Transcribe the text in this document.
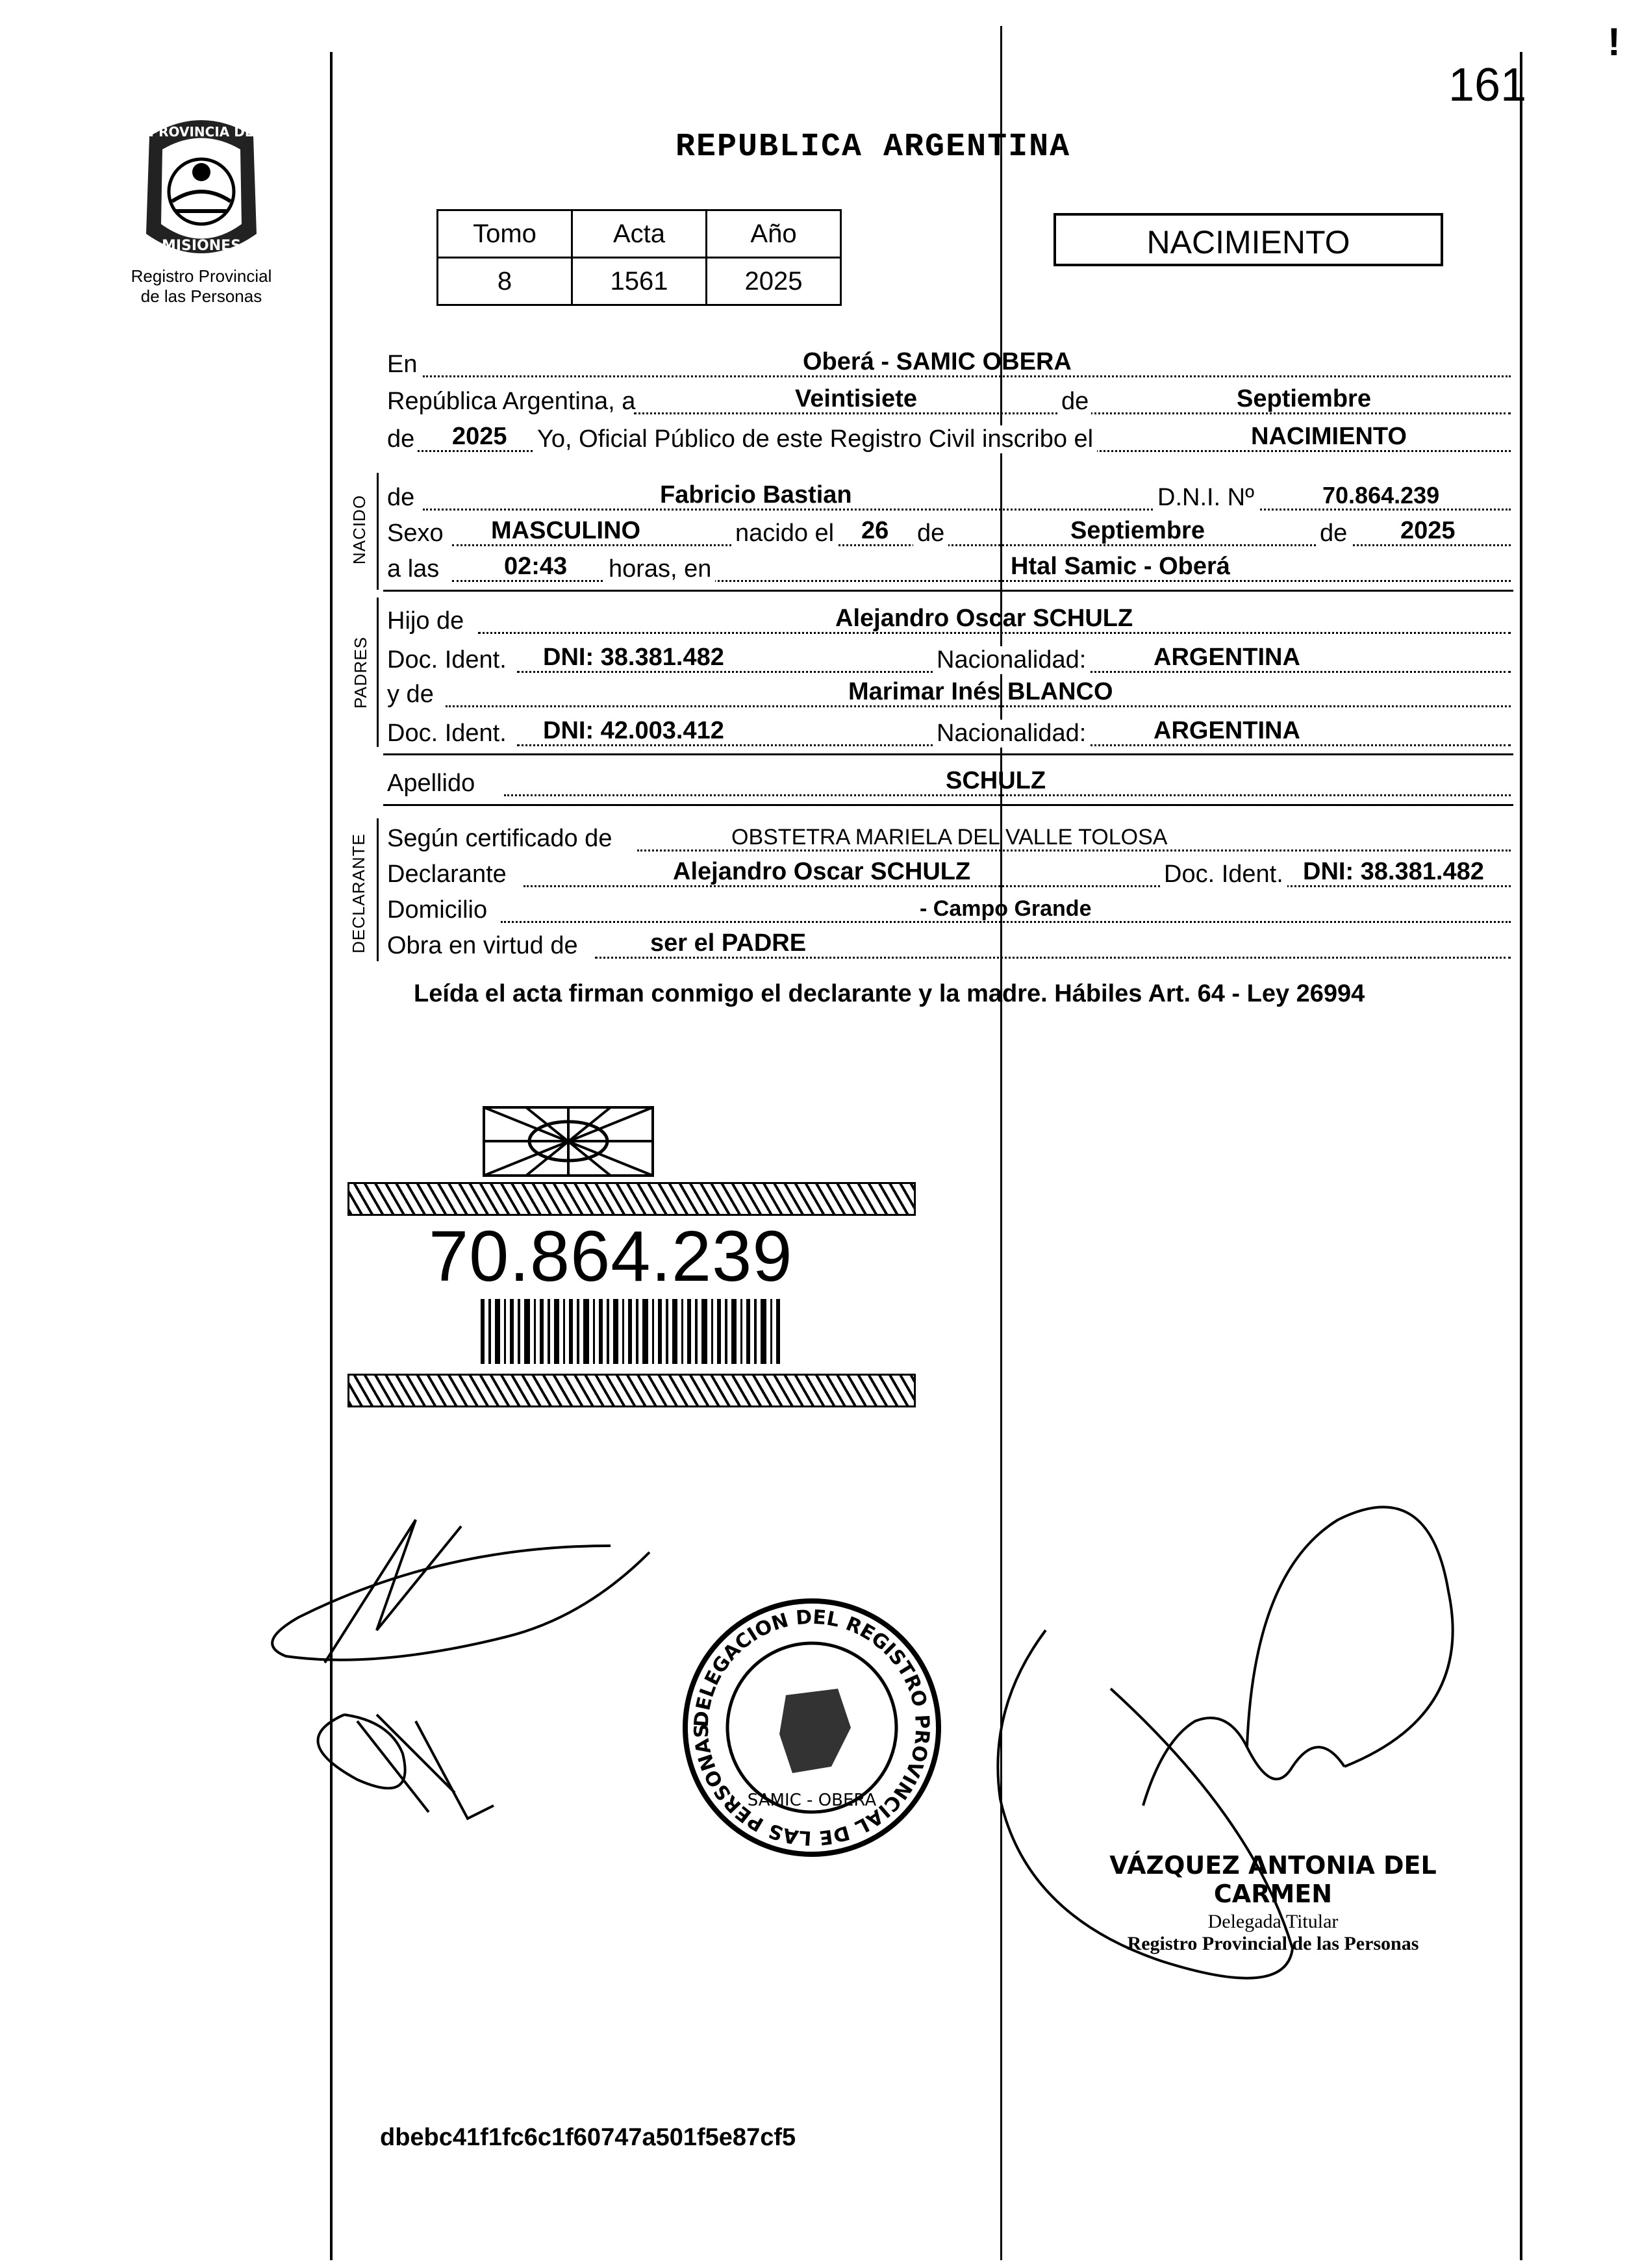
161
!
PROVINCIA DE
MISIONES
Registro Provincial
de las Personas
REPUBLICA ARGENTINA
Tomo	Acta	Año
8	1561	2025
NACIMIENTO
En	Oberá - SAMIC OBERA
República Argentina, a	Veintisiete	de	Septiembre
de 2025 Yo, Oficial Público de este Registro Civil inscribo el	NACIMIENTO
NACIDO de	Fabricio Bastian	D.N.I. Nº	70.864.239
Sexo MASCULINO	nacido el 26 de	Septiembre	de 2025
a las	02:43 horas, en	Htal Samic - Oberá
PADRES
Hijo de	Alejandro Oscar SCHULZ
Doc. Ident. DNI: 38.381.482	Nacionalidad:	ARGENTINA
y de	Marimar Inés BLANCO
Doc. Ident. DNI: 42.003.412	Nacionalidad:	ARGENTINA
Apellido	SCHULZ
DECLARANTE Según certificado de	OBSTETRA MARIELA DEL VALLE TOLOSA
Declarante	Alejandro Oscar SCHULZ	Doc. Ident. DNI: 38.381.482
Domicilio	- Campo Grande
Obra en virtud de	ser el PADRE
Leída el acta firman conmigo el declarante y la madre. Hábiles Art. 64 - Ley 26994
70.864.239
DELEGACION DEL REGISTRO PROVINCIAL DE LAS PERSONAS
SAMIC - OBERA
VÁZQUEZ ANTONIA DEL CARMEN
Delegada Titular
Registro Provincial de las Personas
dbebc41f1fc6c1f60747a501f5e87cf5
